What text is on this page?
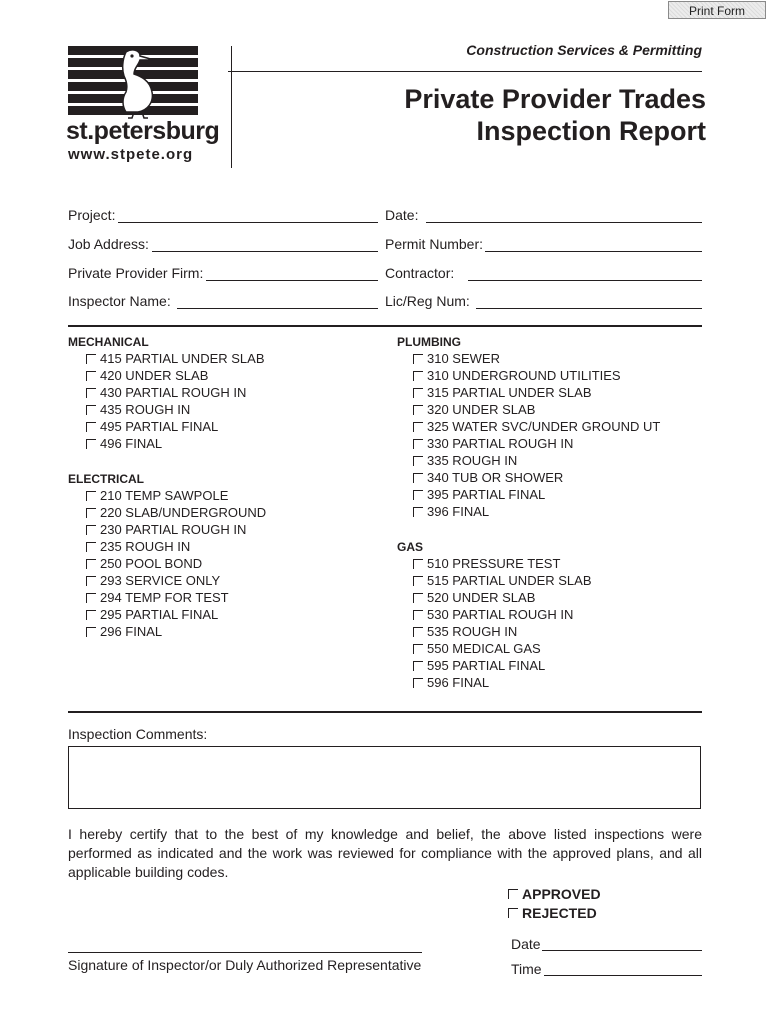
Print Form
st.petersburg
www.stpete.org
Construction Services & Permitting
Private Provider Trades
Inspection Report
Project:	Date:
Job Address:	Permit Number:
Private Provider Firm:	Contractor:
Inspector Name:	Lic/Reg Num:
MECHANICAL
ELECTRICAL
PLUMBING
GAS
415 PARTIAL UNDER SLAB
420 UNDER SLAB
430 PARTIAL ROUGH IN
435 ROUGH IN
495 PARTIAL FINAL
496 FINAL
210 TEMP SAWPOLE
220 SLAB/UNDERGROUND
230 PARTIAL ROUGH IN
235 ROUGH IN
250 POOL BOND
293 SERVICE ONLY
294 TEMP FOR TEST
295 PARTIAL FINAL
296 FINAL
310 SEWER
310 UNDERGROUND UTILITIES
315 PARTIAL UNDER SLAB
320 UNDER SLAB
325 WATER SVC/UNDER GROUND UT
330 PARTIAL ROUGH IN
335 ROUGH IN
340 TUB OR SHOWER
395 PARTIAL FINAL
396 FINAL
510 PRESSURE TEST
515 PARTIAL UNDER SLAB
520 UNDER SLAB
530 PARTIAL ROUGH IN
535 ROUGH IN
550 MEDICAL GAS
595 PARTIAL FINAL
596 FINAL
Inspection Comments:
I hereby certify that to the best of my knowledge and belief, the above listed inspections were performed as indicated and the work was reviewed for compliance with the approved plans, and all applicable building codes.
APPROVED
REJECTED
Signature of Inspector/or Duly Authorized Representative
Date
Time
